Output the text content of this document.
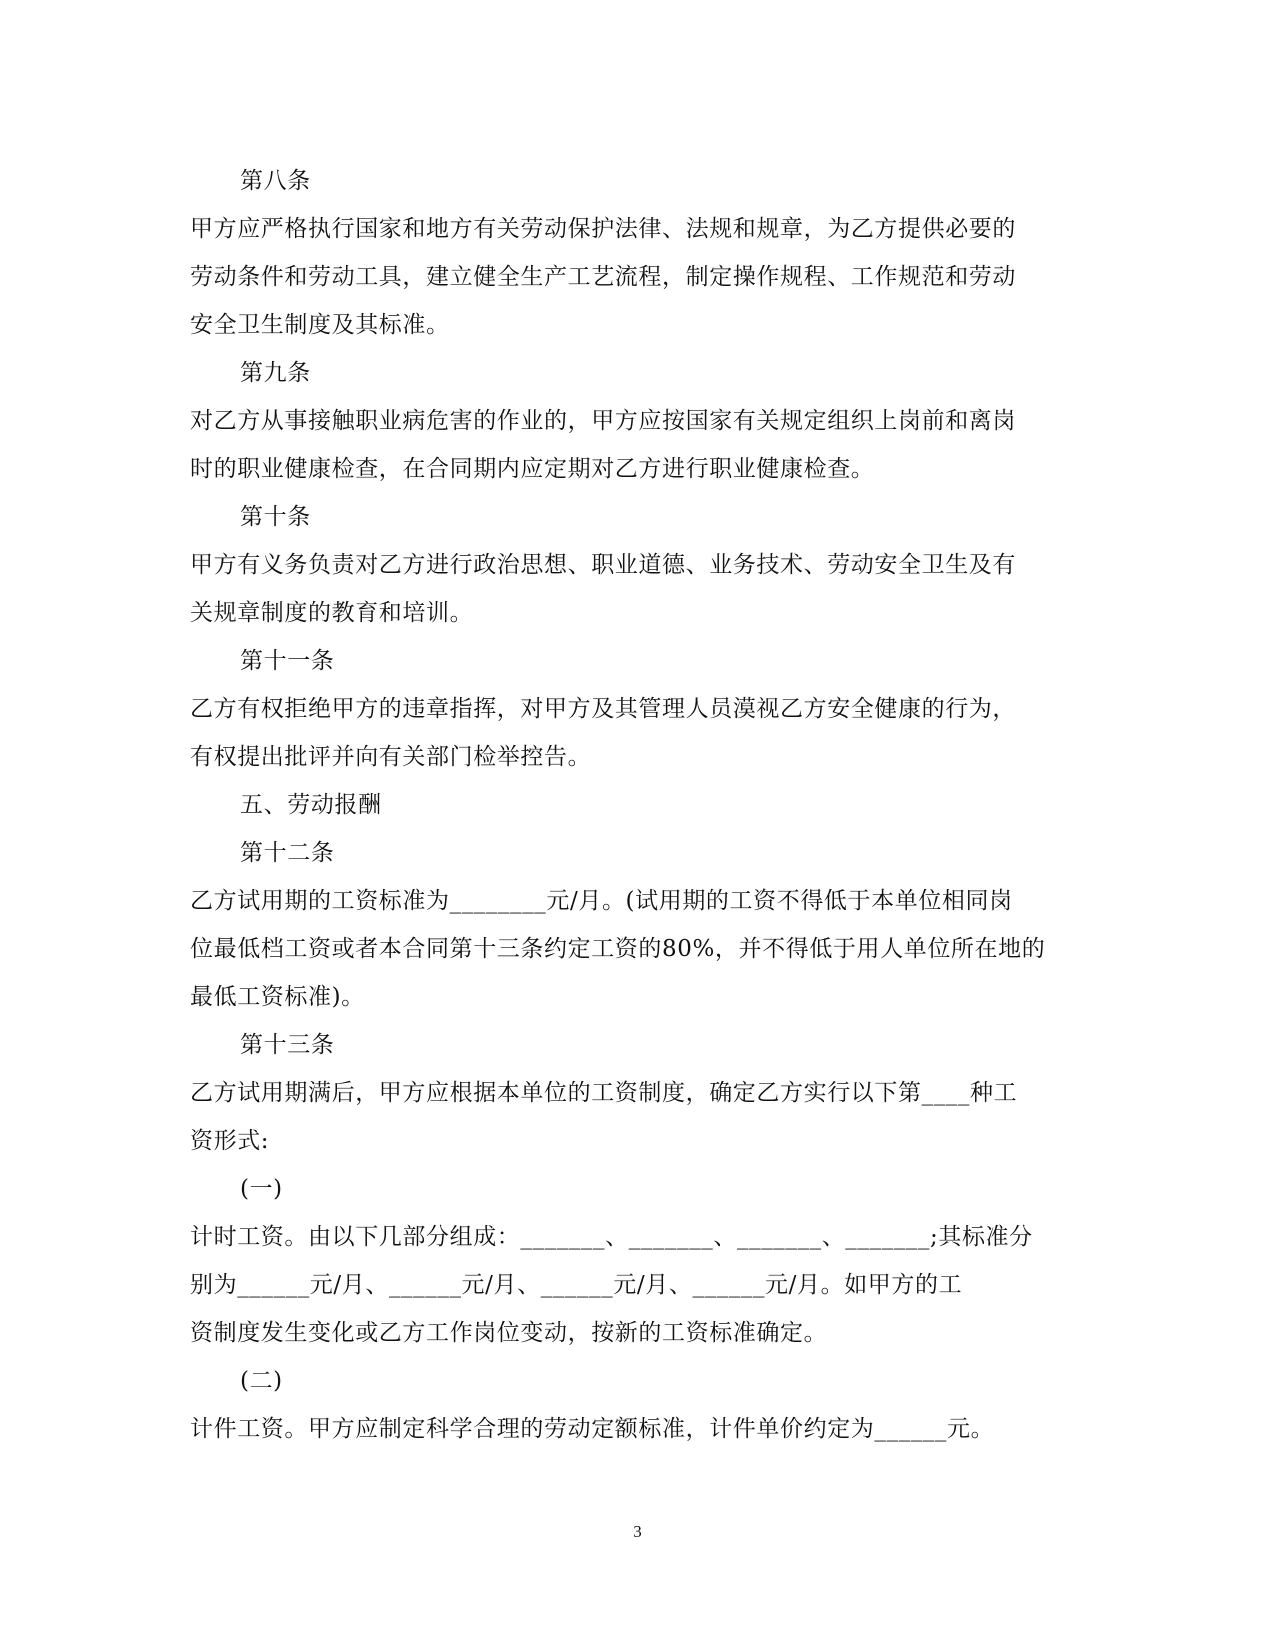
第八条
甲方应严格执行国家和地方有关劳动保护法律、法规和规章，为乙方提供必要的
劳动条件和劳动工具，建立健全生产工艺流程，制定操作规程、工作规范和劳动
安全卫生制度及其标准。
第九条
对乙方从事接触职业病危害的作业的，甲方应按国家有关规定组织上岗前和离岗
时的职业健康检查，在合同期内应定期对乙方进行职业健康检查。
第十条
甲方有义务负责对乙方进行政治思想、职业道德、业务技术、劳动安全卫生及有
关规章制度的教育和培训。
第十一条
乙方有权拒绝甲方的违章指挥，对甲方及其管理人员漠视乙方安全健康的行为，
有权提出批评并向有关部门检举控告。
五、劳动报酬
第十二条
乙方试用期的工资标准为________元/月。(试用期的工资不得低于本单位相同岗
位最低档工资或者本合同第十三条约定工资的80%，并不得低于用人单位所在地的
最低工资标准)。
第十三条
乙方试用期满后，甲方应根据本单位的工资制度，确定乙方实行以下第____种工
资形式:
(一)
计时工资。由以下几部分组成：_______、_______、_______、_______;其标准分
别为______元/月、______元/月、______元/月、______元/月。如甲方的工
资制度发生变化或乙方工作岗位变动，按新的工资标准确定。
(二)
计件工资。甲方应制定科学合理的劳动定额标准，计件单价约定为______元。
3
